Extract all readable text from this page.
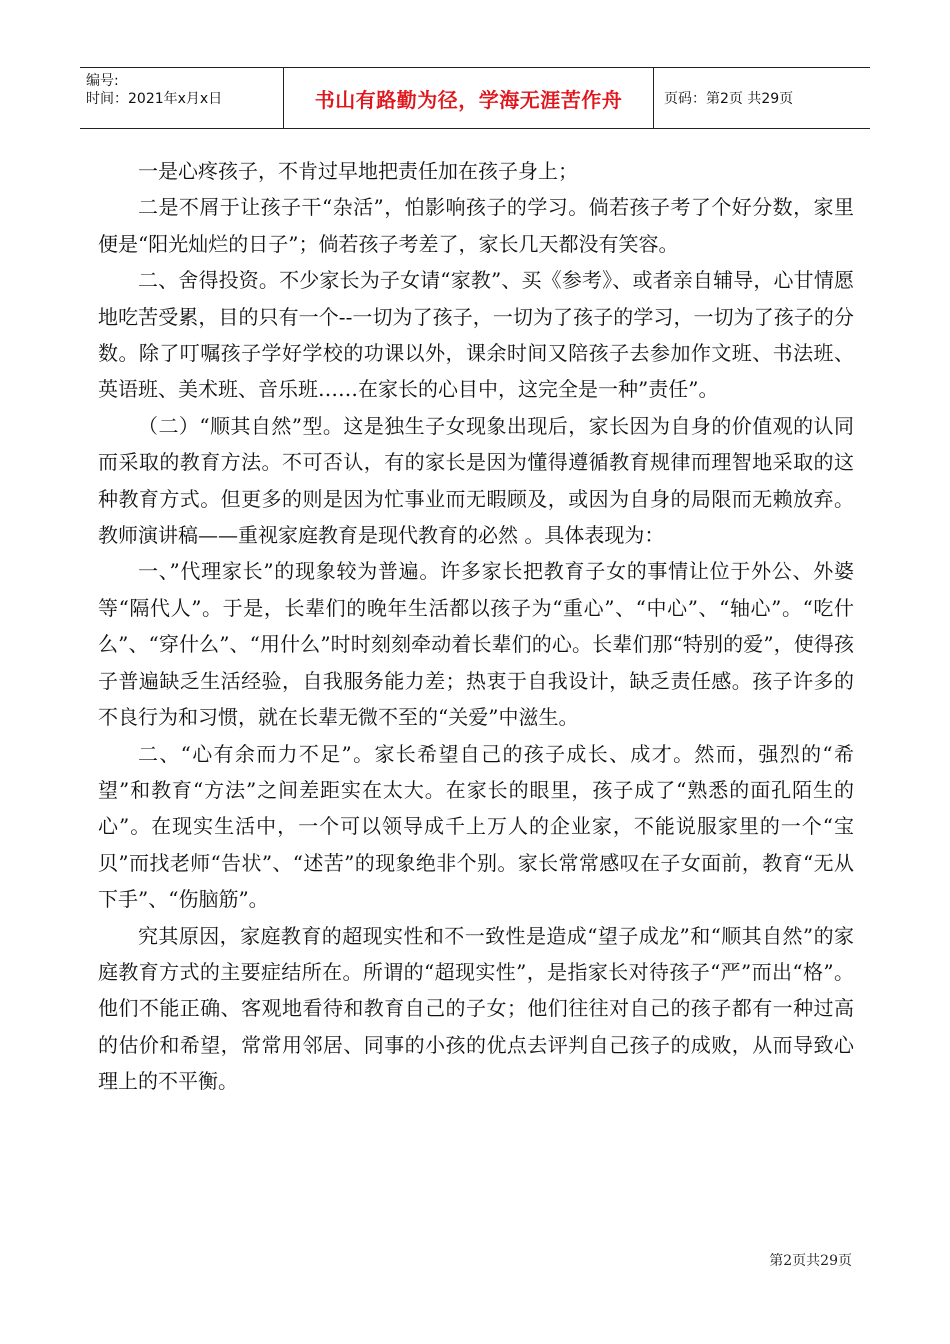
编号:
时间：2021年x月x日	书山有路勤为径，学海无涯苦作舟	页码：第2页 共29页

一是心疼孩子，不肯过早地把责任加在孩子身上；

二是不屑于让孩子干“杂活”，怕影响孩子的学习。倘若孩子考了个好分数，家里便是“阳光灿烂的日子”；倘若孩子考差了，家长几天都没有笑容。

二、舍得投资。不少家长为子女请“家教”、买《参考》、或者亲自辅导，心甘情愿地吃苦受累，目的只有一个--一切为了孩子，一切为了孩子的学习，一切为了孩子的分数。除了叮嘱孩子学好学校的功课以外，课余时间又陪孩子去参加作文班、书法班、英语班、美术班、音乐班……在家长的心目中，这完全是一种”责任”。

（二）“顺其自然”型。这是独生子女现象出现后，家长因为自身的价值观的认同而采取的教育方法。不可否认，有的家长是因为懂得遵循教育规律而理智地采取的这种教育方式。但更多的则是因为忙事业而无暇顾及，或因为自身的局限而无赖放弃。教师演讲稿——重视家庭教育是现代教育的必然 。具体表现为：

一、”代理家长”的现象较为普遍。许多家长把教育子女的事情让位于外公、外婆等“隔代人”。于是，长辈们的晚年生活都以孩子为“重心”、“中心”、“轴心”。“吃什么”、“穿什么”、“用什么”时时刻刻牵动着长辈们的心。长辈们那“特别的爱”，使得孩子普遍缺乏生活经验，自我服务能力差；热衷于自我设计，缺乏责任感。孩子许多的不良行为和习惯，就在长辈无微不至的“关爱”中滋生。

二、“心有余而力不足”。家长希望自己的孩子成长、成才。然而，强烈的“希望”和教育“方法”之间差距实在太大。在家长的眼里，孩子成了“熟悉的面孔陌生的心”。在现实生活中，一个可以领导成千上万人的企业家，不能说服家里的一个“宝贝”而找老师“告状”、“述苦”的现象绝非个别。家长常常感叹在子女面前，教育“无从下手”、“伤脑筋”。

究其原因，家庭教育的超现实性和不一致性是造成“望子成龙”和“顺其自然”的家庭教育方式的主要症结所在。所谓的“超现实性”，是指家长对待孩子“严”而出“格”。他们不能正确、客观地看待和教育自己的子女；他们往往对自己的孩子都有一种过高的估价和希望，常常用邻居、同事的小孩的优点去评判自己孩子的成败，从而导致心理上的不平衡。

第2页共29页
